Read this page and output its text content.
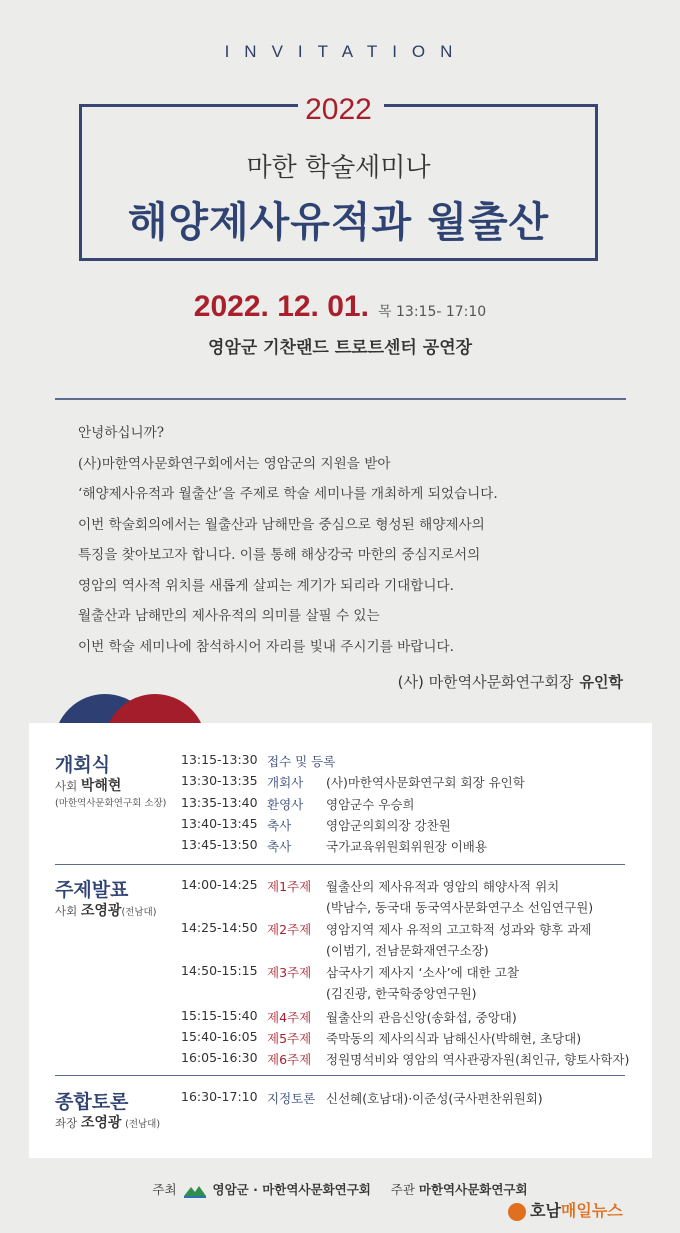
INVITATION
2022
마한 학술세미나
해양제사유적과 월출산
2022. 12. 01. 목 13:15- 17:10
영암군 기찬랜드 트로트센터 공연장

안녕하십니까?

(사)마한역사문화연구회에서는 영암군의 지원을 받아

‘해양제사유적과 월출산’을 주제로 학술 세미나를 개최하게 되었습니다.

이번 학술회의에서는 월출산과 남해만을 중심으로 형성된 해양제사의

특징을 찾아보고자 합니다. 이를 통해 해상강국 마한의 중심지로서의

영암의 역사적 위치를 새롭게 살피는 계기가 되리라 기대합니다.

월출산과 남해만의 제사유적의 의미를 살필 수 있는

이번 학술 세미나에 참석하시어 자리를 빛내 주시기를 바랍니다.

(사) 마한역사문화연구회장 유인학
개회식
사회 박해현
(마한역사문화연구회 소장)
13:15-13:30 접수 및 등록
13:30-13:35 개회사 (사)마한역사문화연구회 회장 유인학
13:35-13:40 환영사 영암군수 우승희
13:40-13:45 축사	영암군의회의장 강찬원
13:45-13:50 축사	국가교육위원회위원장 이배용
주제발표
사회 조영광(전남대)
14:00-14:25 제1주제 월출산의 제사유적과 영암의 해양사적 위치
(박남수, 동국대 동국역사문화연구소 선임연구원)
14:25-14:50 제2주제 영암지역 제사 유적의 고고학적 성과와 향후 과제
(이범기, 전남문화재연구소장)
14:50-15:15 제3주제 삼국사기 제사지 ‘소사’에 대한 고찰
(김진광, 한국학중앙연구원)
15:15-15:40 제4주제 월출산의 관음신앙(송화섭, 중앙대)
15:40-16:05 제5주제 죽막동의 제사의식과 남해신사(박해현, 초당대)
16:05-16:30 제6주제 정원명석비와 영암의 역사관광자원(최인규, 향토사학자)
종합토론
좌장 조영광 (전남대)
16:30-17:10 지정토론 신선혜(호남대)·이준성(국사편찬위원회)
주최	영암군 · 마한역사문화연구회 주관 마한역사문화연구회
호남매일뉴스
